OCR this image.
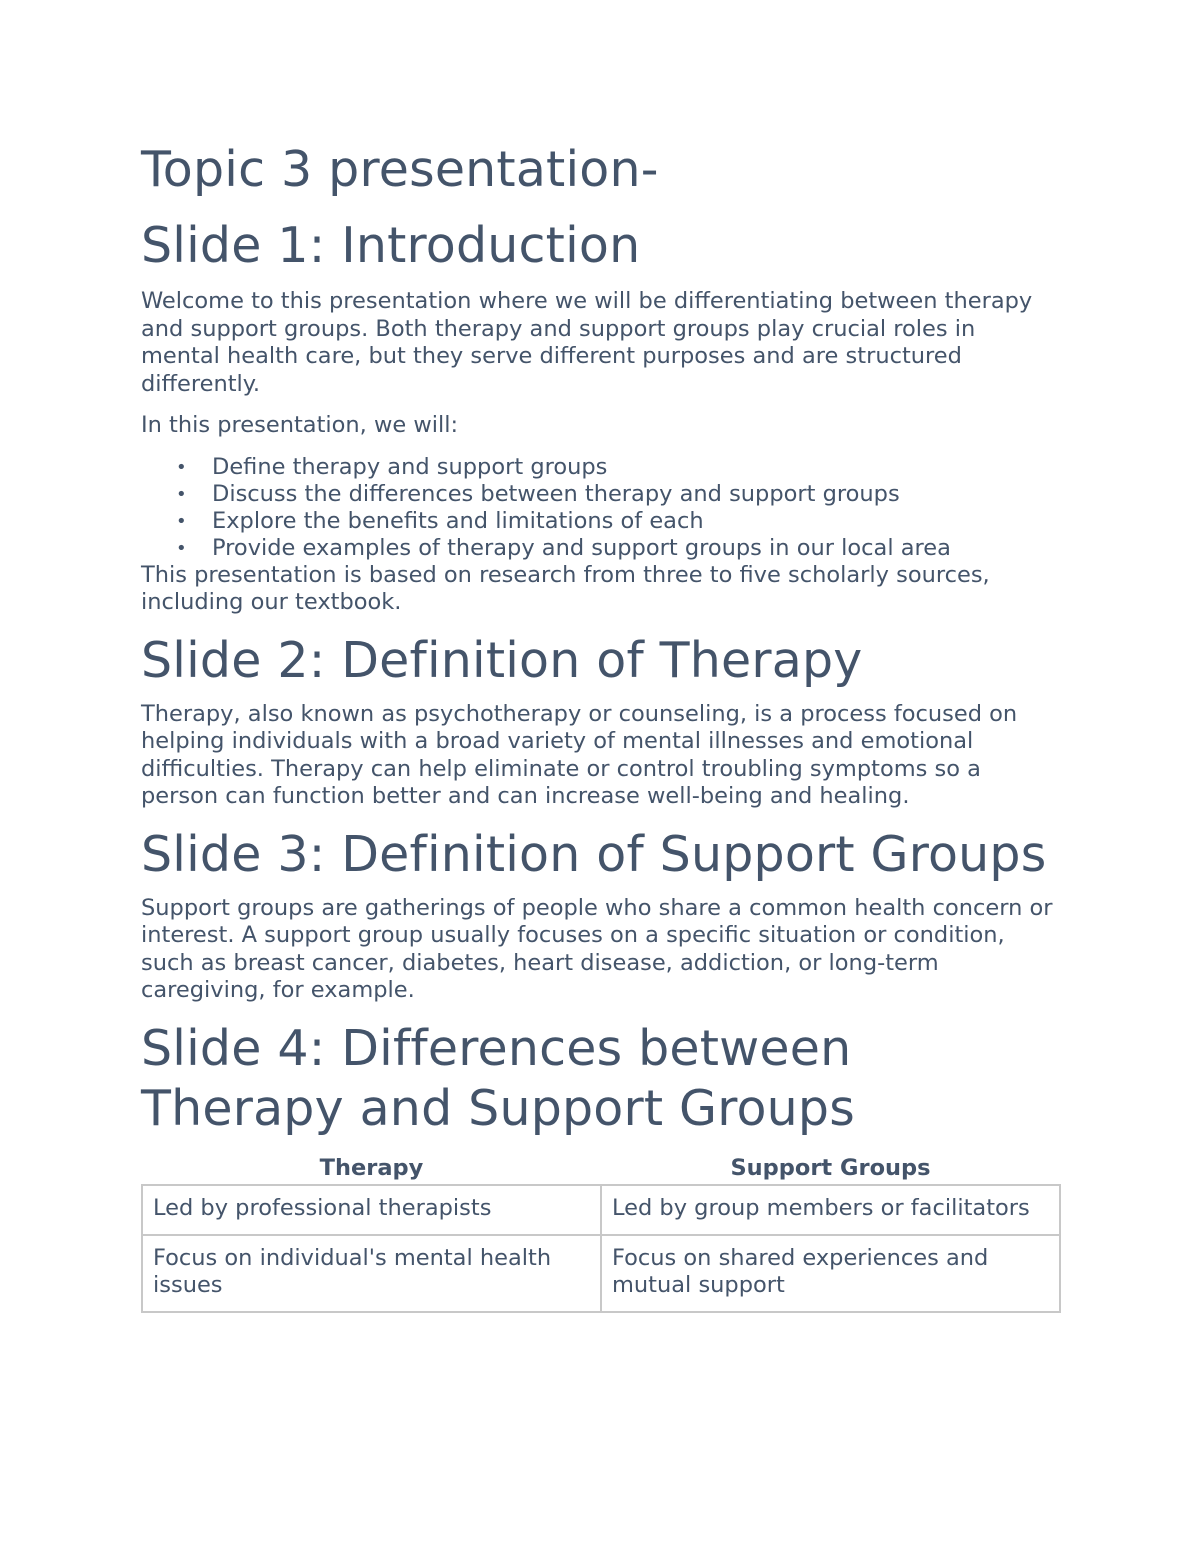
Topic 3 presentation-
Slide 1: Introduction

Welcome to this presentation where we will be differentiating between therapy and support groups. Both therapy and support groups play crucial roles in mental health care, but they serve different purposes and are structured differently.

In this presentation, we will:

• Define therapy and support groups
• Discuss the differences between therapy and support groups
• Explore the benefits and limitations of each
• Provide examples of therapy and support groups in our local area

This presentation is based on research from three to five scholarly sources, including our textbook.

Slide 2: Definition of Therapy

Therapy, also known as psychotherapy or counseling, is a process focused on helping individuals with a broad variety of mental illnesses and emotional difficulties. Therapy can help eliminate or control troubling symptoms so a person can function better and can increase well-being and healing.

Slide 3: Definition of Support Groups

Support groups are gatherings of people who share a common health concern or interest. A support group usually focuses on a specific situation or condition, such as breast cancer, diabetes, heart disease, addiction, or long-term caregiving, for example.

Slide 4: Differences between Therapy and Support Groups
Therapy	Support Groups
Led by professional therapists	Led by group members or facilitators
Focus on individual's mental health issues	Focus on shared experiences and mutual support
